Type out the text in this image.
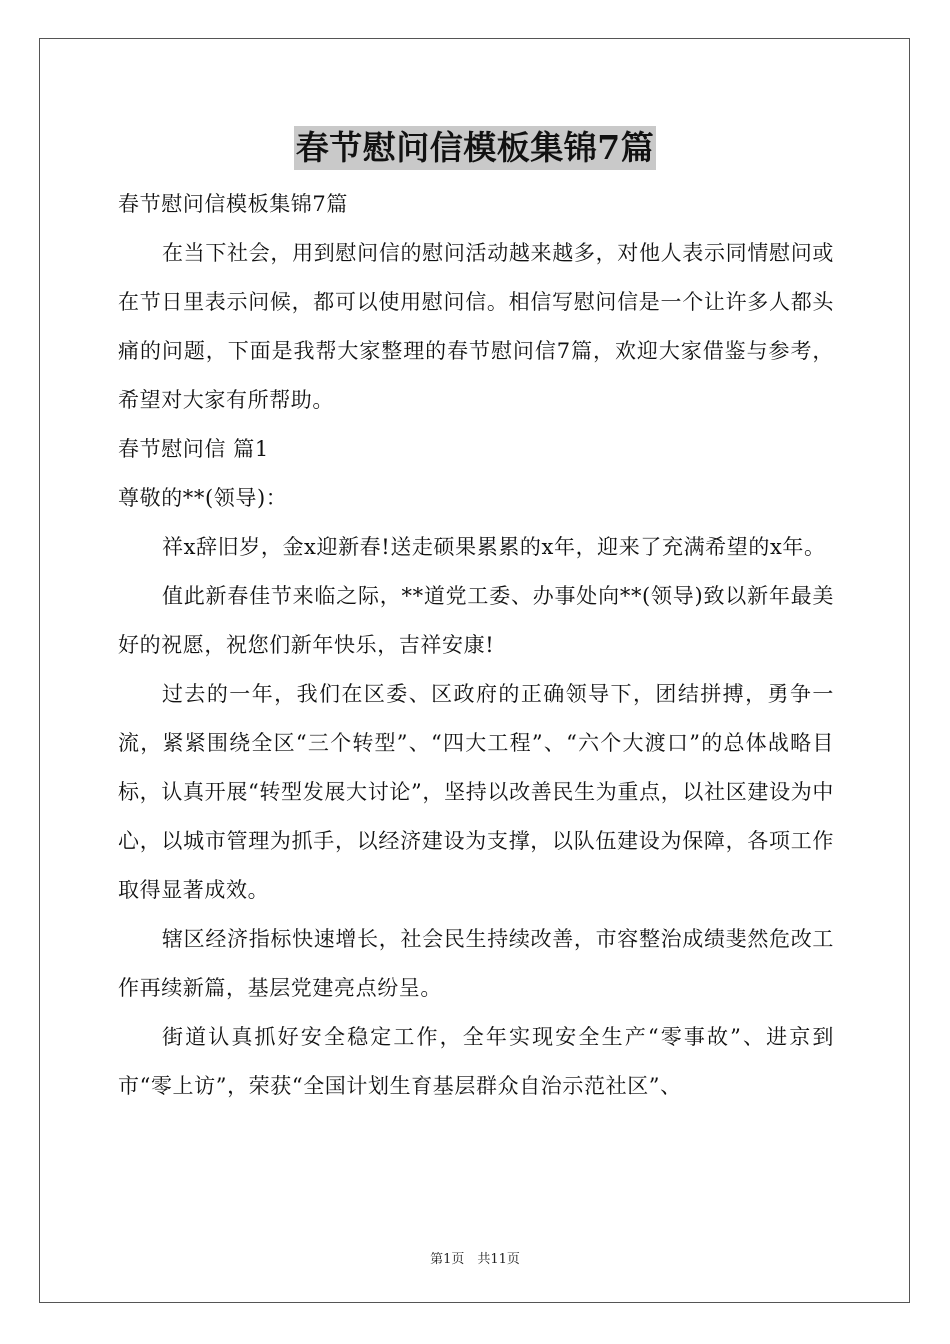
春节慰问信模板集锦7篇

春节慰问信模板集锦7篇

在当下社会，用到慰问信的慰问活动越来越多，对他人表示同情慰问或在节日里表示问候，都可以使用慰问信。相信写慰问信是一个让许多人都头痛的问题，下面是我帮大家整理的春节慰问信7篇，欢迎大家借鉴与参考，希望对大家有所帮助。

春节慰问信 篇1

尊敬的**(领导)：

祥x辞旧岁，金x迎新春!送走硕果累累的x年，迎来了充满希望的x年。

值此新春佳节来临之际，**道党工委、办事处向**(领导)致以新年最美好的祝愿，祝您们新年快乐，吉祥安康!

过去的一年，我们在区委、区政府的正确领导下，团结拼搏，勇争一流，紧紧围绕全区“三个转型”、“四大工程”、“六个大渡口”的总体战略目标，认真开展“转型发展大讨论”，坚持以改善民生为重点，以社区建设为中心，以城市管理为抓手，以经济建设为支撑，以队伍建设为保障，各项工作取得显著成效。

辖区经济指标快速增长，社会民生持续改善，市容整治成绩斐然危改工作再续新篇，基层党建亮点纷呈。

街道认真抓好安全稳定工作，全年实现安全生产“零事故”、进京到市“零上访”，荣获“全国计划生育基层群众自治示范社区”、

第1页　共11页
